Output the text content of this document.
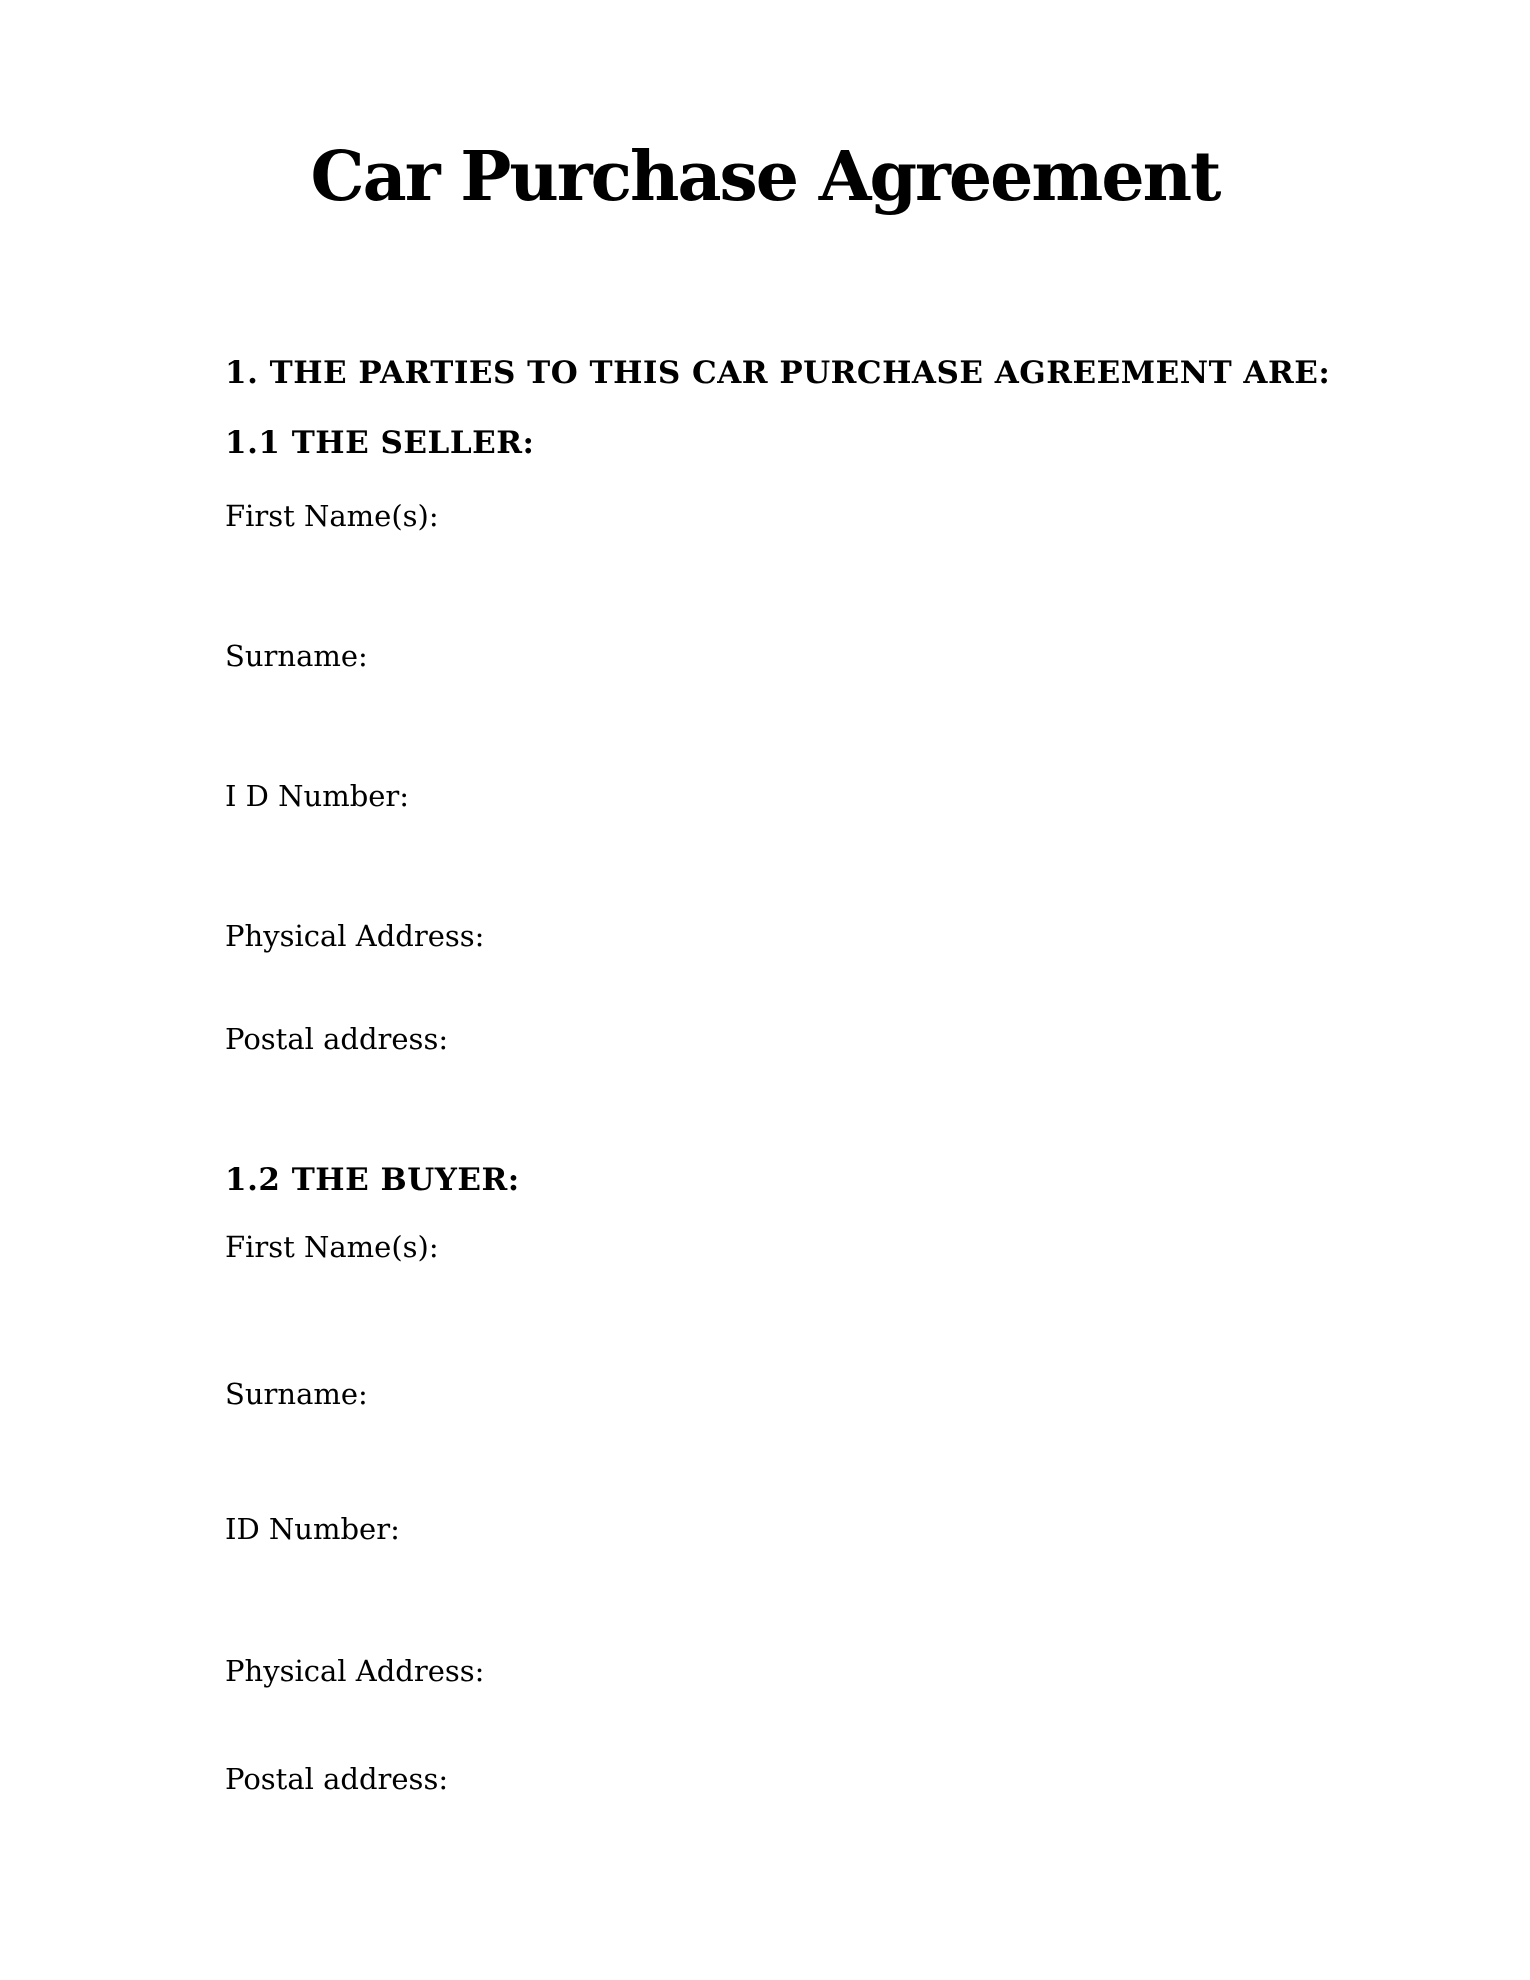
Car Purchase Agreement
1. THE PARTIES TO THIS CAR PURCHASE AGREEMENT ARE:
1.1 THE SELLER:

First Name(s):

Surname:

I D Number:

Physical Address:

Postal address:

1.2 THE BUYER:

First Name(s):

Surname:

ID Number:

Physical Address:

Postal address:
